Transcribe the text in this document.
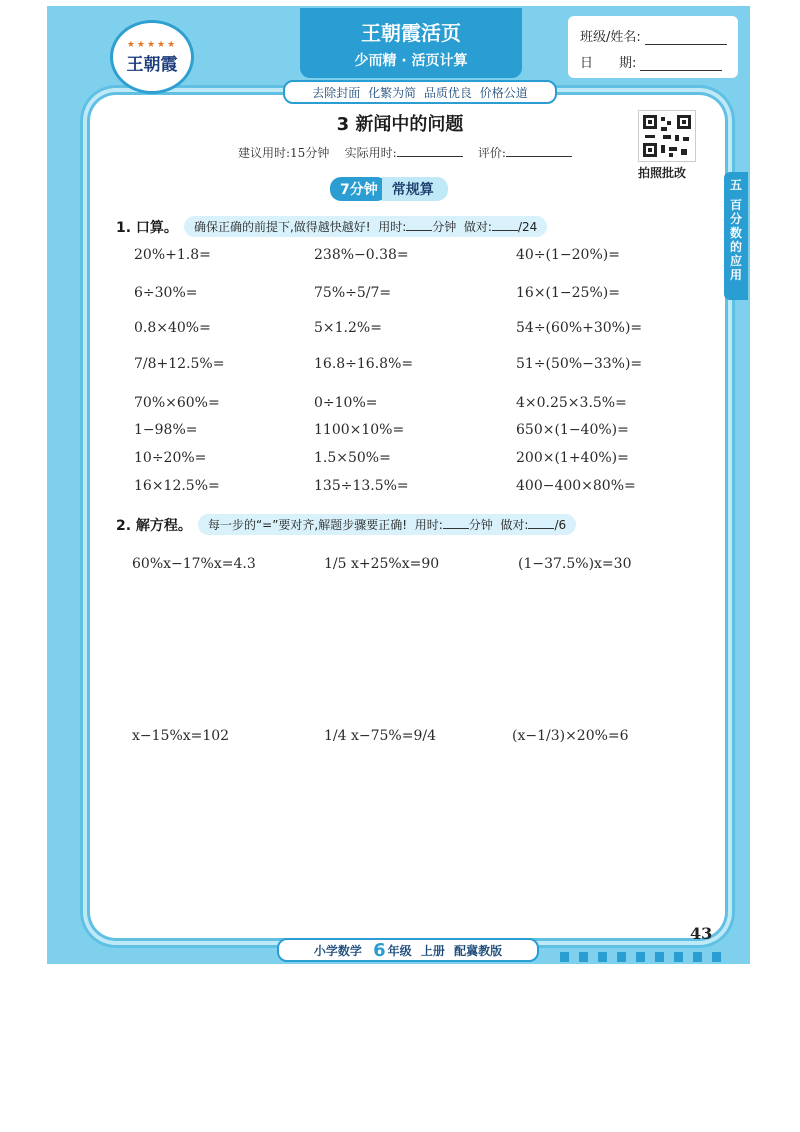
★★★★★
王朝霞
王朝霞活页
少而精 · 活页计算
去除封面 化繁为简 品质优良 价格公道
班级/姓名:
日　　期:
拍照批改
五
百
分
数
的
应
用
3 新闻中的问题
建议用时:15分钟 实际用时:	评价:
7分钟	常规算
1. 口算。	确保正确的前提下,做得越快越好! 用时: 分钟 做对: /24
20%+1.8=	238%−0.38=	40÷(1−20%)=
6÷30%=	75%÷5/7=	16×(1−25%)=
0.8×40%=	5×1.2%=	54÷(60%+30%)=
7/8+12.5%=	16.8÷16.8%=	51÷(50%−33%)=
70%×60%=	0÷10%=	4×0.25×3.5%=
1−98%=	1100×10%=	650×(1−40%)=
10÷20%=	1.5×50%=	200×(1+40%)=
16×12.5%=	135÷13.5%=	400−400×80%=
2. 解方程。	每一步的“=”要对齐,解题步骤要正确! 用时: 分钟 做对: /6
60%x−17%x=4.3	1/5 x+25%x=90	(1−37.5%)x=30
x−15%x=102	1/4 x−75%=9/4	(x−1/3)×20%=6
43
小学数学
6 年级
上册
配冀教版
